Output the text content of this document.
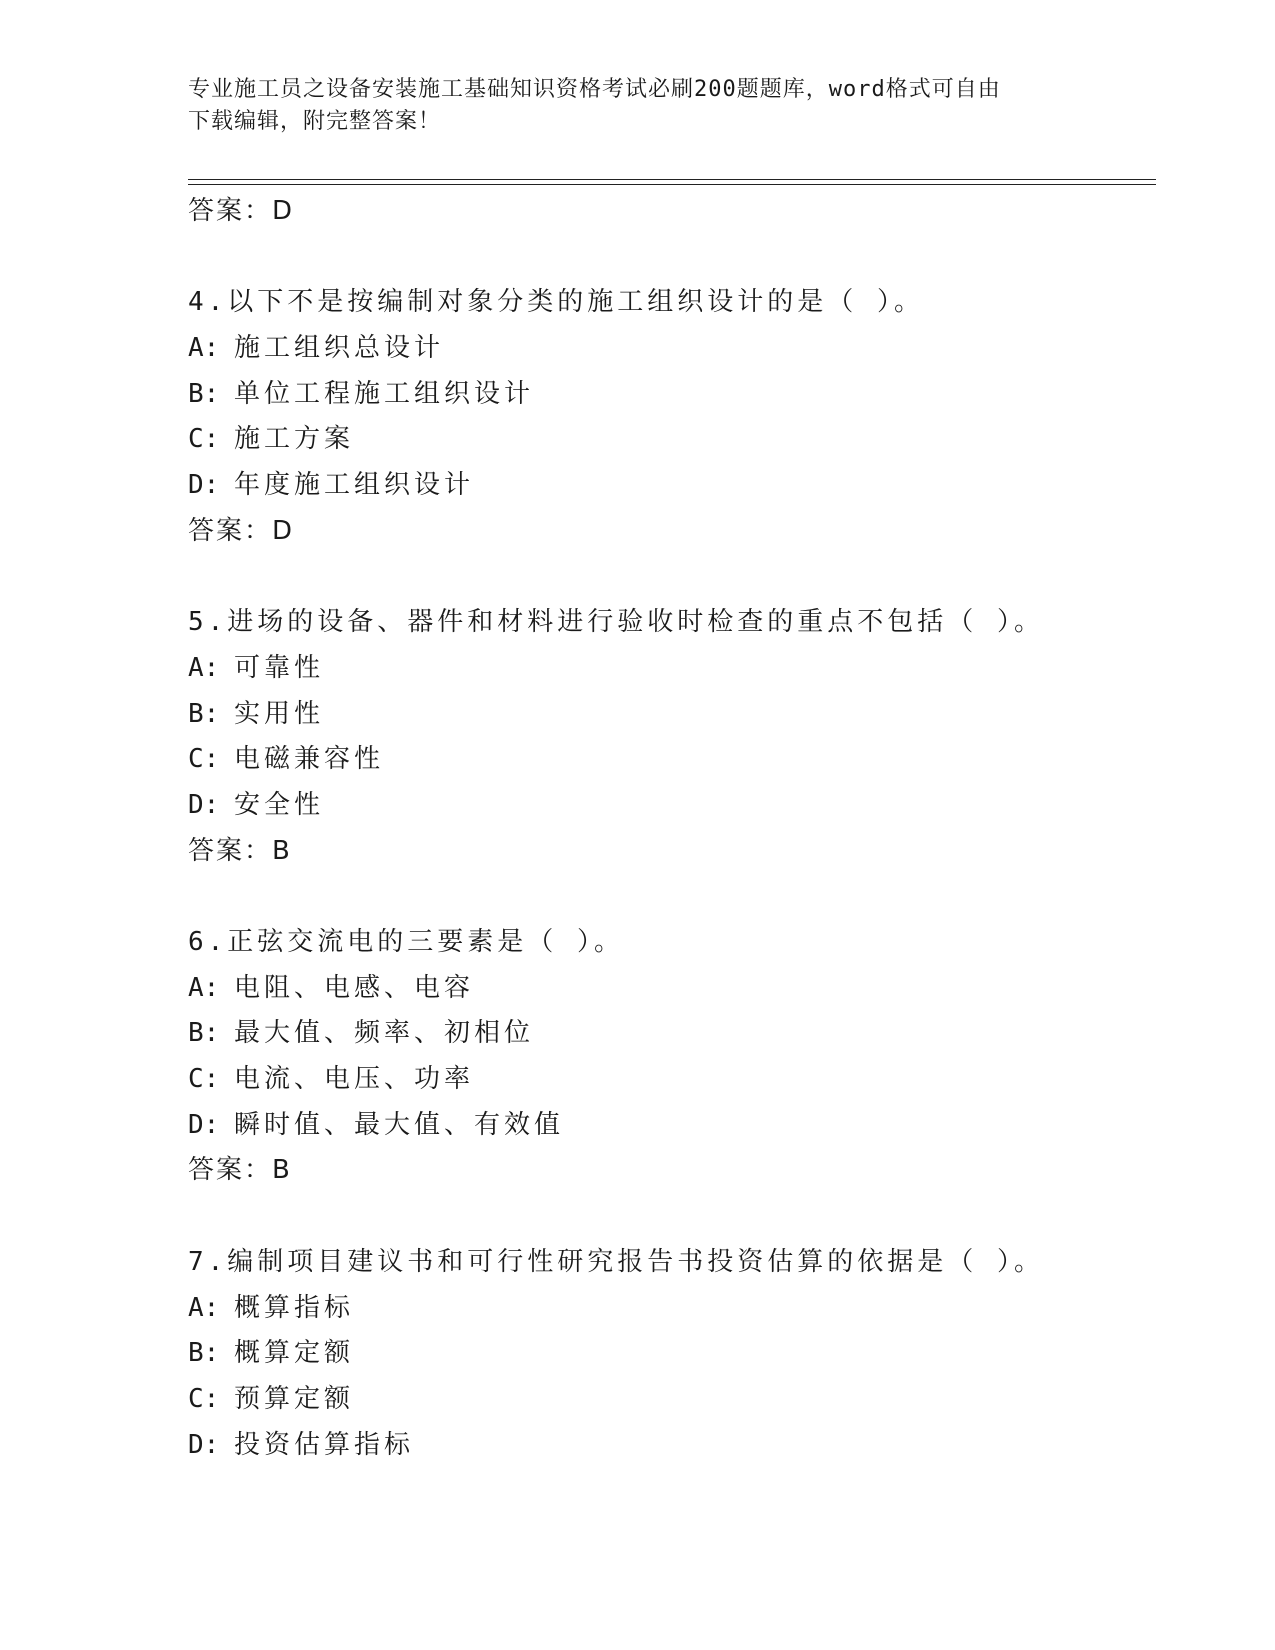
专业施工员之设备安装施工基础知识资格考试必刷200题题库，word格式可自由
下载编辑，附完整答案！
答案：D
4.以下不是按编制对象分类的施工组织设计的是（ ）。
A: 施工组织总设计
B: 单位工程施工组织设计
C: 施工方案
D: 年度施工组织设计
答案：D
5.进场的设备、器件和材料进行验收时检查的重点不包括（ ）。
A: 可靠性
B: 实用性
C: 电磁兼容性
D: 安全性
答案：B
6.正弦交流电的三要素是（ ）。
A: 电阻、电感、电容
B: 最大值、频率、初相位
C: 电流、电压、功率
D: 瞬时值、最大值、有效值
答案：B
7.编制项目建议书和可行性研究报告书投资估算的依据是（ ）。
A: 概算指标
B: 概算定额
C: 预算定额
D: 投资估算指标
